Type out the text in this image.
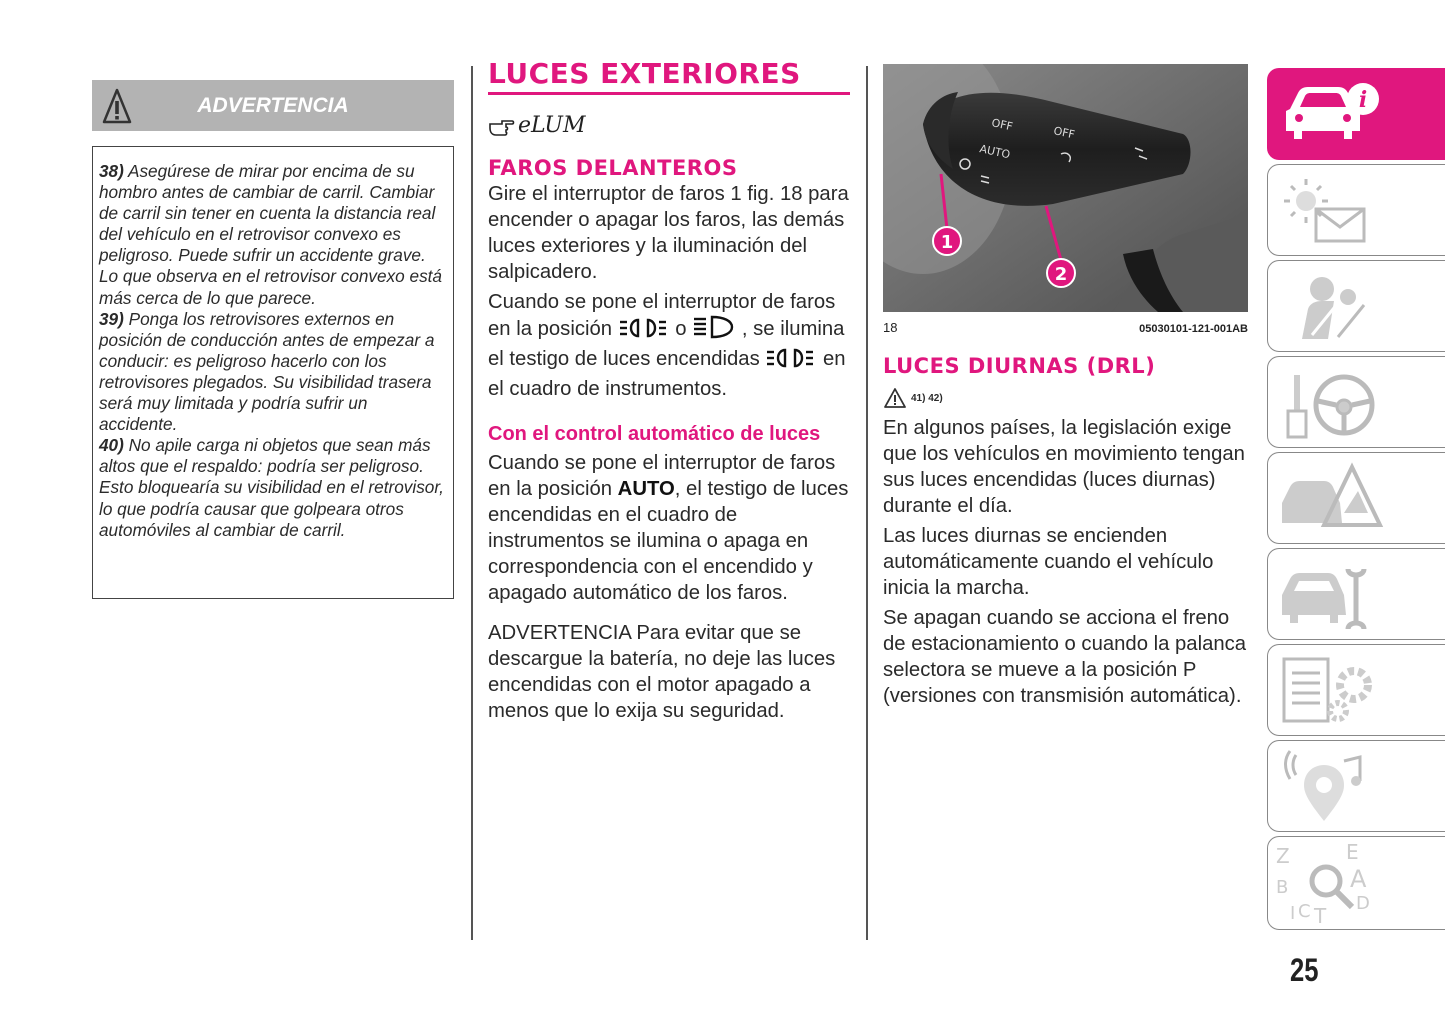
ADVERTENCIA

38) Asegúrese de mirar por encima de su hombro antes de cambiar de carril. Cambiar de carril sin tener en cuenta la distancia real del vehículo en el retrovisor convexo es peligroso. Puede sufrir un accidente grave. Lo que observa en el retrovisor convexo está más cerca de lo que parece.

39) Ponga los retrovisores externos en posición de conducción antes de empezar a conducir: es peligroso hacerlo con los retrovisores plegados. Su visibilidad trasera será muy limitada y podría sufrir un accidente.

40) No apile carga ni objetos que sean más altos que el respaldo: podría ser peligroso. Esto bloquearía su visibilidad en el retrovisor, lo que podría causar que golpeara otros automóviles al cambiar de carril.

LUCES EXTERIORES
eLUM
FAROS DELANTEROS

Gire el interruptor de faros 1 fig. 18 para encender o apagar los faros, las demás luces exteriores y la iluminación del salpicadero.

Cuando se pone el interruptor de faros en la posición	o  , se ilumina el testigo de luces encendidas	en el cuadro de instrumentos.

Con el control automático de luces

Cuando se pone el interruptor de faros en la posición AUTO, el testigo de luces encendidas en el cuadro de instrumentos se ilumina o apaga en correspondencia con el encendido y apagado automático de los faros.

ADVERTENCIA Para evitar que se descargue la batería, no deje las luces encendidas con el motor apagado a menos que lo exija su seguridad.

OFF	OFF
AUTO
1
2
18	05030101-121-001AB
LUCES DIURNAS (DRL)
41) 42)

En algunos países, la legislación exige que los vehículos en movimiento tengan sus luces encendidas (luces diurnas) durante el día.

Las luces diurnas se encienden automáticamente cuando el vehículo inicia la marcha.

Se apagan cuando se acciona el freno de estacionamiento o cuando la palanca selectora se mueve a la posición P (versiones con transmisión automática).

i
Z	E
B	A
C T
D
I
25
